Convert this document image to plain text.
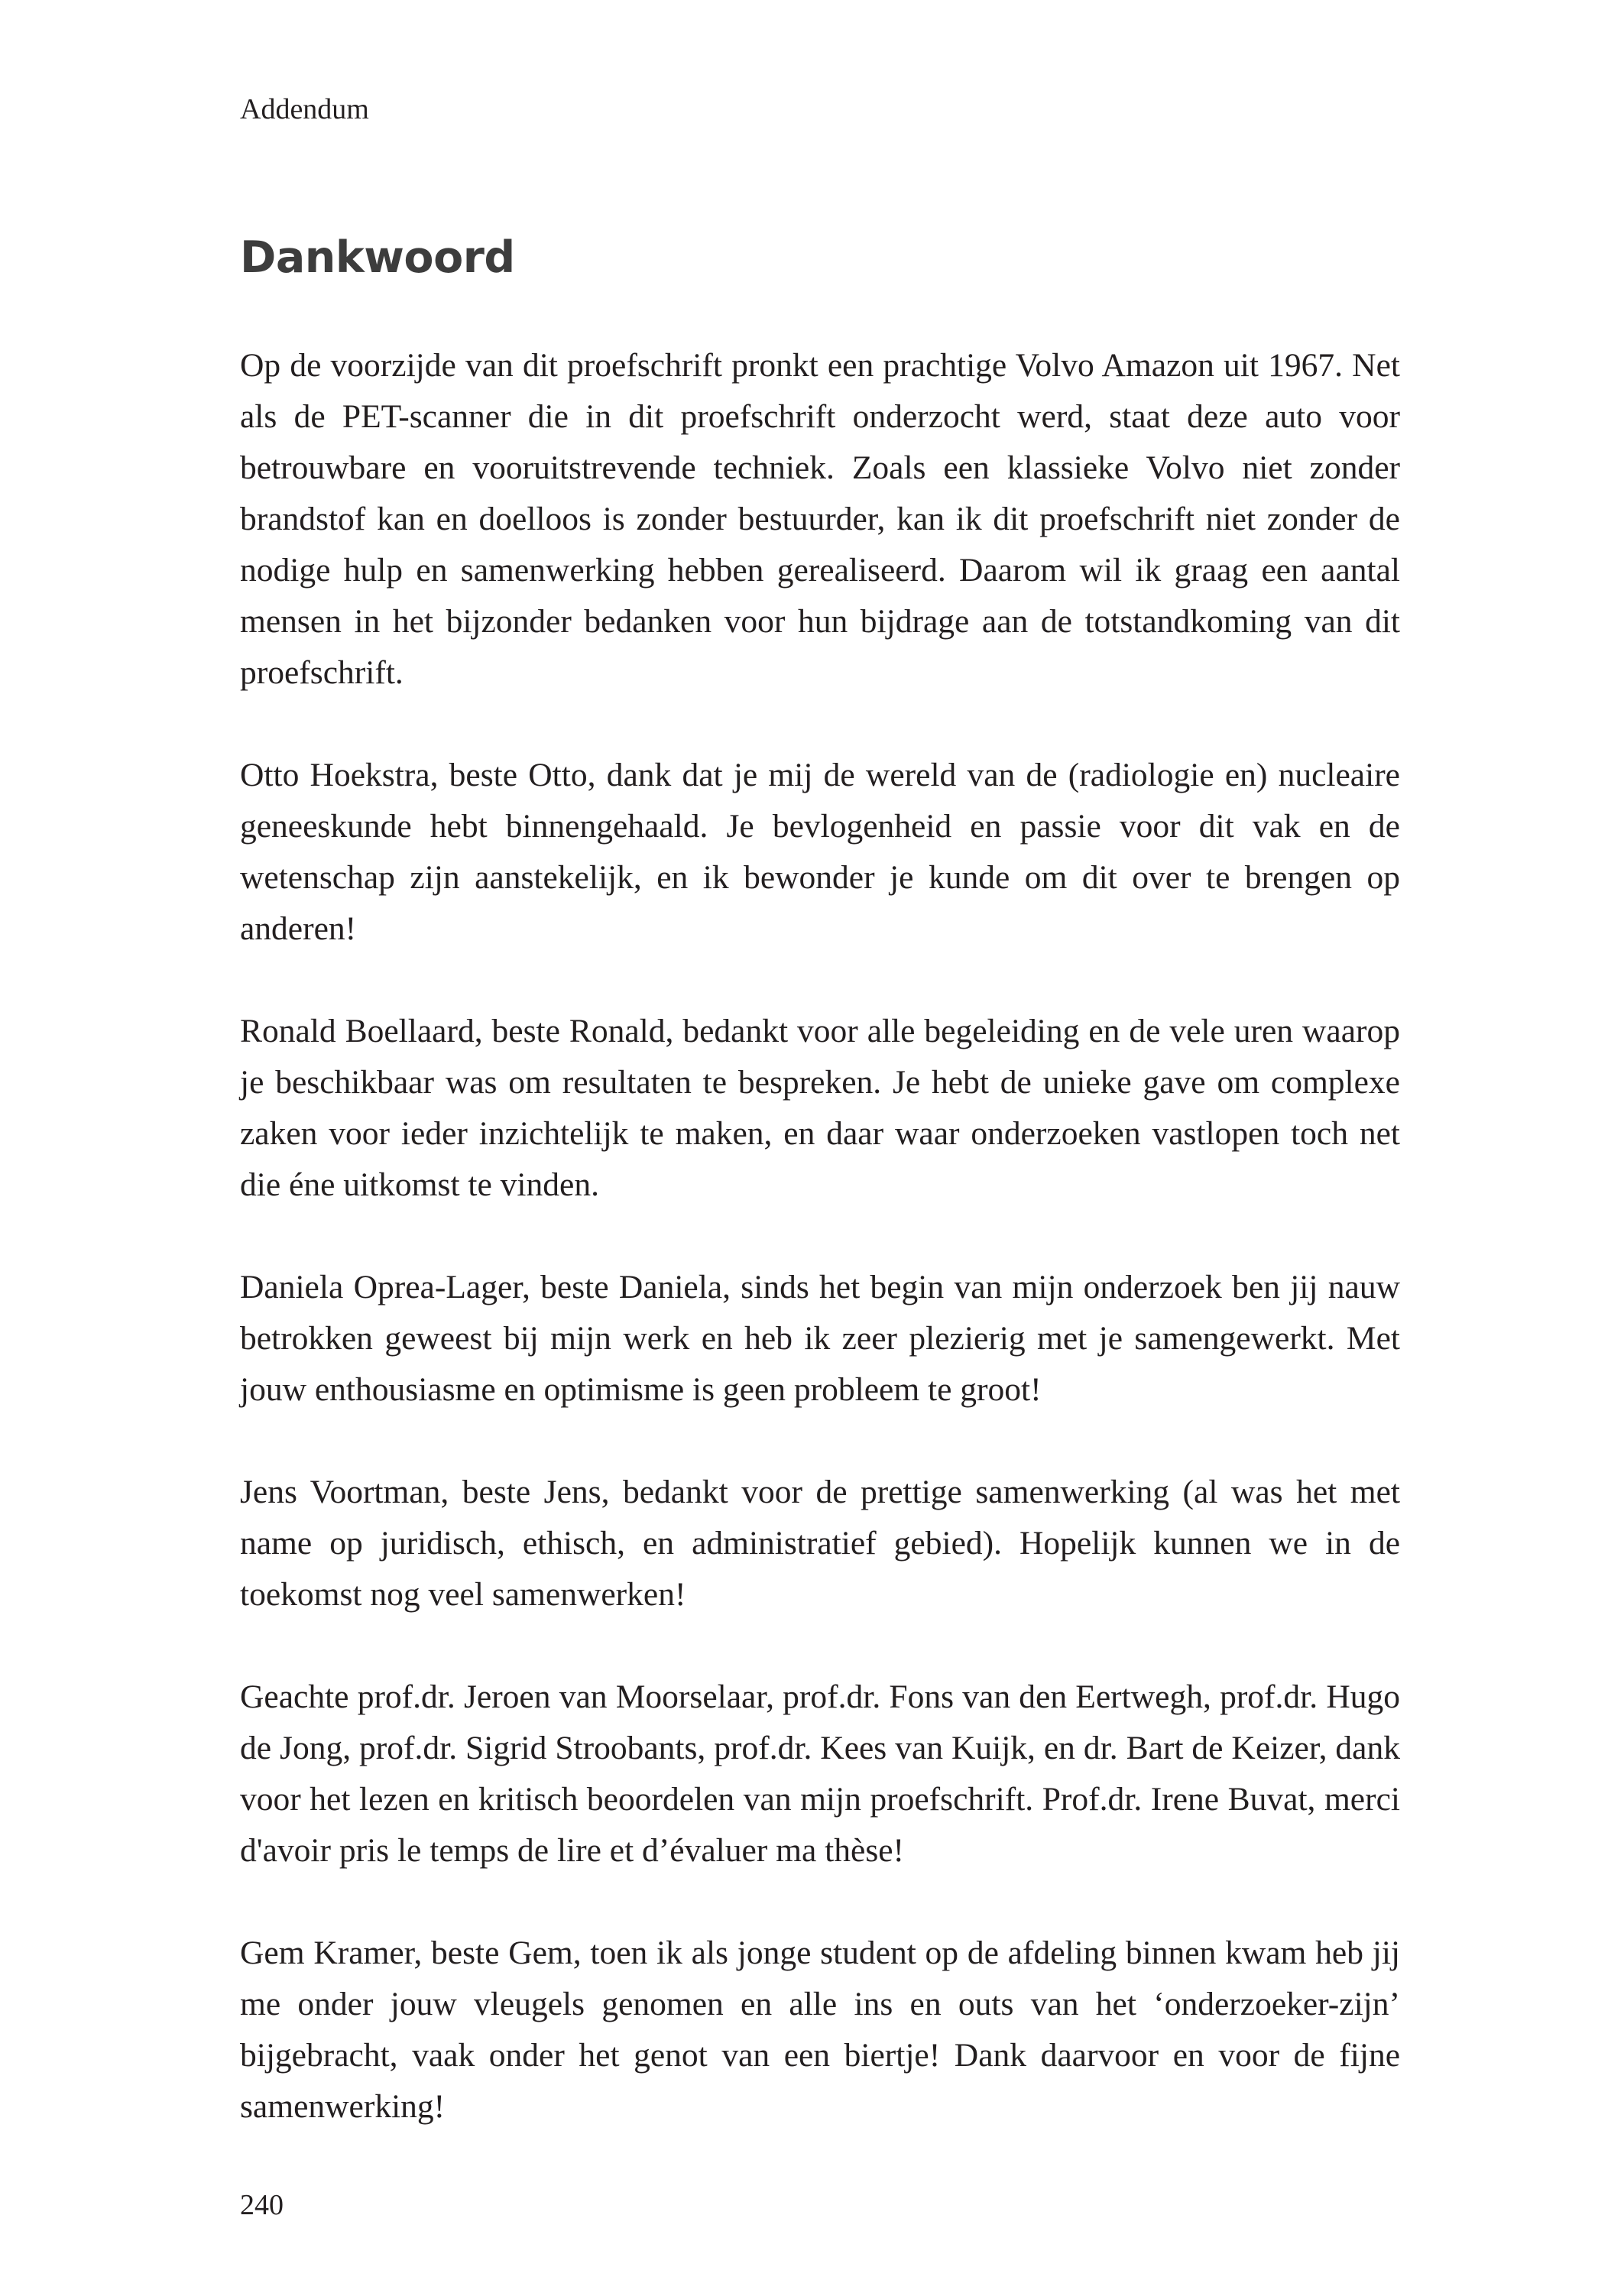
Addendum
Dankwoord

Op de voorzijde van dit proefschrift pronkt een prachtige Volvo Amazon uit 1967. Net als de PET-scanner die in dit proefschrift onderzocht werd, staat deze auto voor betrouwbare en vooruitstrevende techniek. Zoals een klassieke Volvo niet zonder brandstof kan en doelloos is zonder bestuurder, kan ik dit proefschrift niet zonder de nodige hulp en samenwerking hebben gerealiseerd. Daarom wil ik graag een aantal mensen in het bijzonder bedanken voor hun bijdrage aan de totstandkoming van dit proefschrift.

Otto Hoekstra, beste Otto, dank dat je mij de wereld van de (radiologie en) nucleaire geneeskunde hebt binnengehaald. Je bevlogenheid en passie voor dit vak en de wetenschap zijn aanstekelijk, en ik bewonder je kunde om dit over te brengen op anderen!

Ronald Boellaard, beste Ronald, bedankt voor alle begeleiding en de vele uren waarop je beschikbaar was om resultaten te bespreken. Je hebt de unieke gave om complexe zaken voor ieder inzichtelijk te maken, en daar waar onderzoeken vastlopen toch net die éne uitkomst te vinden.

Daniela Oprea-Lager, beste Daniela, sinds het begin van mijn onderzoek ben jij nauw betrokken geweest bij mijn werk en heb ik zeer plezierig met je samengewerkt. Met jouw enthousiasme en optimisme is geen probleem te groot!

Jens Voortman, beste Jens, bedankt voor de prettige samenwerking (al was het met name op juridisch, ethisch, en administratief gebied). Hopelijk kunnen we in de toekomst nog veel samenwerken!

Geachte prof.dr. Jeroen van Moorselaar, prof.dr. Fons van den Eertwegh, prof.dr. Hugo de Jong, prof.dr. Sigrid Stroobants, prof.dr. Kees van Kuijk, en dr. Bart de Keizer, dank voor het lezen en kritisch beoordelen van mijn proefschrift. Prof.dr. Irene Buvat, merci d'avoir pris le temps de lire et d’évaluer ma thèse!

Gem Kramer, beste Gem, toen ik als jonge student op de afdeling binnen kwam heb jij me onder jouw vleugels genomen en alle ins en outs van het ‘onderzoeker-zijn’ bijgebracht, vaak onder het genot van een biertje! Dank daarvoor en voor de fijne samenwerking!

240
